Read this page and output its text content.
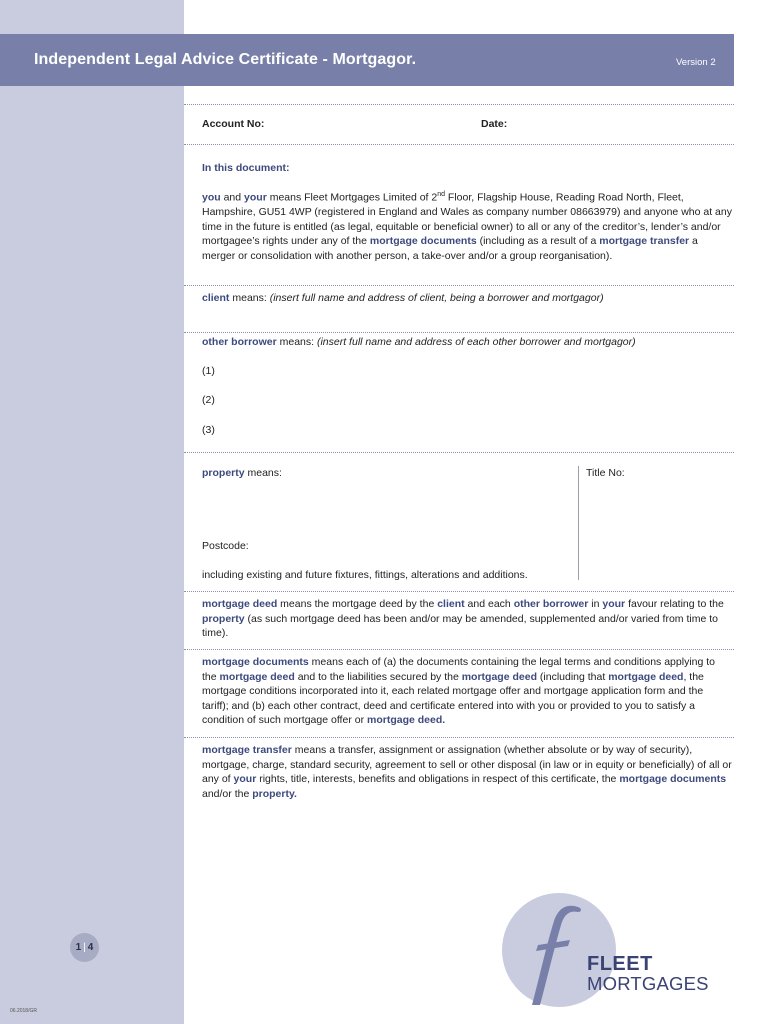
Independent Legal Advice Certificate - Mortgagor.	Version 2
Account No:	Date:
In this document:
you and your means Fleet Mortgages Limited of 2nd Floor, Flagship House, Reading Road North, Fleet, Hampshire, GU51 4WP (registered in England and Wales as company number 08663979) and anyone who at any time in the future is entitled (as legal, equitable or beneficial owner) to all or any of the creditor’s, lender’s and/or mortgagee’s rights under any of the mortgage documents (including as a result of a mortgage transfer a merger or consolidation with another person, a take-over and/or a group reorganisation).
client means: (insert full name and address of client, being a borrower and mortgagor)
other borrower means: (insert full name and address of each other borrower and mortgagor)
(1)
(2)
(3)
property means:	Title No:
Postcode:
including existing and future fixtures, fittings, alterations and additions.
mortgage deed means the mortgage deed by the client and each other borrower in your favour relating to the property (as such mortgage deed has been and/or may be amended, supplemented and/or varied from time to time).
mortgage documents means each of (a) the documents containing the legal terms and conditions applying to the mortgage deed and to the liabilities secured by the mortgage deed (including that mortgage deed, the mortgage conditions incorporated into it, each related mortgage offer and mortgage application form and the tariff); and (b) each other contract, deed and certificate entered into with you or provided to you to satisfy a condition of such mortgage offer or mortgage deed.
mortgage transfer means a transfer, assignment or assignation (whether absolute or by way of security), mortgage, charge, standard security, agreement to sell or other disposal (in law or in equity or beneficially) of all or any of your rights, title, interests, benefits and obligations in respect of this certificate, the mortgage documents and/or the property.
1 | 4
06.2018/GR
FLEET
MORTGAGES
